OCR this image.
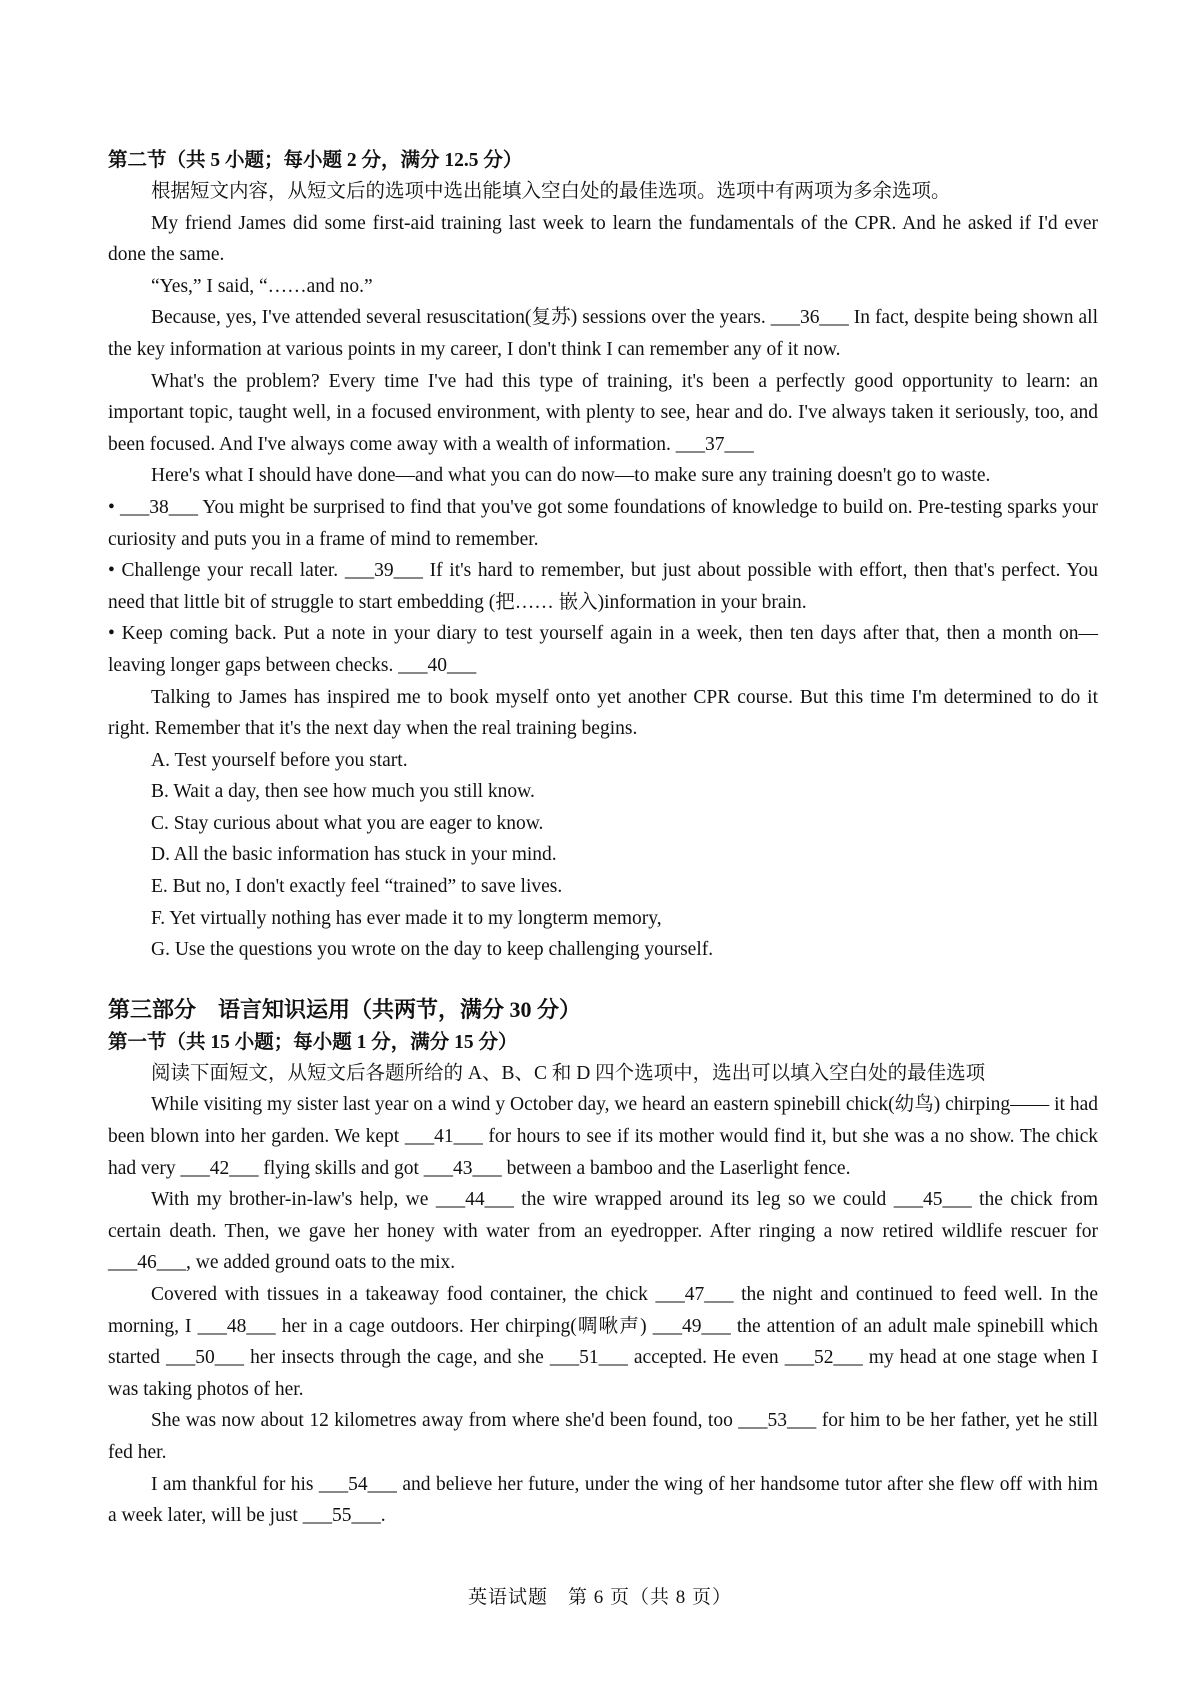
第二节（共 5 小题；每小题 2 分，满分 12.5 分）

根据短文内容，从短文后的选项中选出能填入空白处的最佳选项。选项中有两项为多余选项。

My friend James did some first-aid training last week to learn the fundamentals of the CPR. And he asked if I'd ever done the same.

“Yes,” I said, “……and no.”

Because, yes, I've attended several resuscitation(复苏) sessions over the years. ___36___ In fact, despite being shown all the key information at various points in my career, I don't think I can remember any of it now.

What's the problem? Every time I've had this type of training, it's been a perfectly good opportunity to learn: an important topic, taught well, in a focused environment, with plenty to see, hear and do. I've always taken it seriously, too, and been focused. And I've always come away with a wealth of information. ___37___

Here's what I should have done—and what you can do now—to make sure any training doesn't go to waste.

• ___38___ You might be surprised to find that you've got some foundations of knowledge to build on. Pre-testing sparks your curiosity and puts you in a frame of mind to remember.

• Challenge your recall later. ___39___ If it's hard to remember, but just about possible with effort, then that's perfect. You need that little bit of struggle to start embedding (把…… 嵌入)information in your brain.

• Keep coming back. Put a note in your diary to test yourself again in a week, then ten days after that, then a month on—leaving longer gaps between checks. ___40___

Talking to James has inspired me to book myself onto yet another CPR course. But this time I'm determined to do it right. Remember that it's the next day when the real training begins.

A. Test yourself before you start.
B. Wait a day, then see how much you still know.
C. Stay curious about what you are eager to know.
D. All the basic information has stuck in your mind.
E. But no, I don't exactly feel “trained” to save lives.
F. Yet virtually nothing has ever made it to my longterm memory,
G. Use the questions you wrote on the day to keep challenging yourself.
第三部分　语言知识运用（共两节，满分 30 分）
第一节（共 15 小题；每小题 1 分，满分 15 分）

阅读下面短文，从短文后各题所给的 A、B、C 和 D 四个选项中，选出可以填入空白处的最佳选项

While visiting my sister last year on a wind y October day, we heard an eastern spinebill chick(幼鸟) chirping—— it had been blown into her garden. We kept ___41___ for hours to see if its mother would find it, but she was a no show. The chick had very ___42___ flying skills and got ___43___ between a bamboo and the Laserlight fence.

With my brother-in-law's help, we ___44___ the wire wrapped around its leg so we could ___45___ the chick from certain death. Then, we gave her honey with water from an eyedropper. After ringing a now retired wildlife rescuer for ___46___, we added ground oats to the mix.

Covered with tissues in a takeaway food container, the chick ___47___ the night and continued to feed well. In the morning, I ___48___ her in a cage outdoors. Her chirping(啁啾声) ___49___ the attention of an adult male spinebill which started ___50___ her insects through the cage, and she ___51___ accepted. He even ___52___ my head at one stage when I was taking photos of her.

She was now about 12 kilometres away from where she'd been found, too ___53___ for him to be her father, yet he still fed her.

I am thankful for his ___54___ and believe her future, under the wing of her handsome tutor after she flew off with him a week later, will be just ___55___.

英语试题　第 6 页（共 8 页）
